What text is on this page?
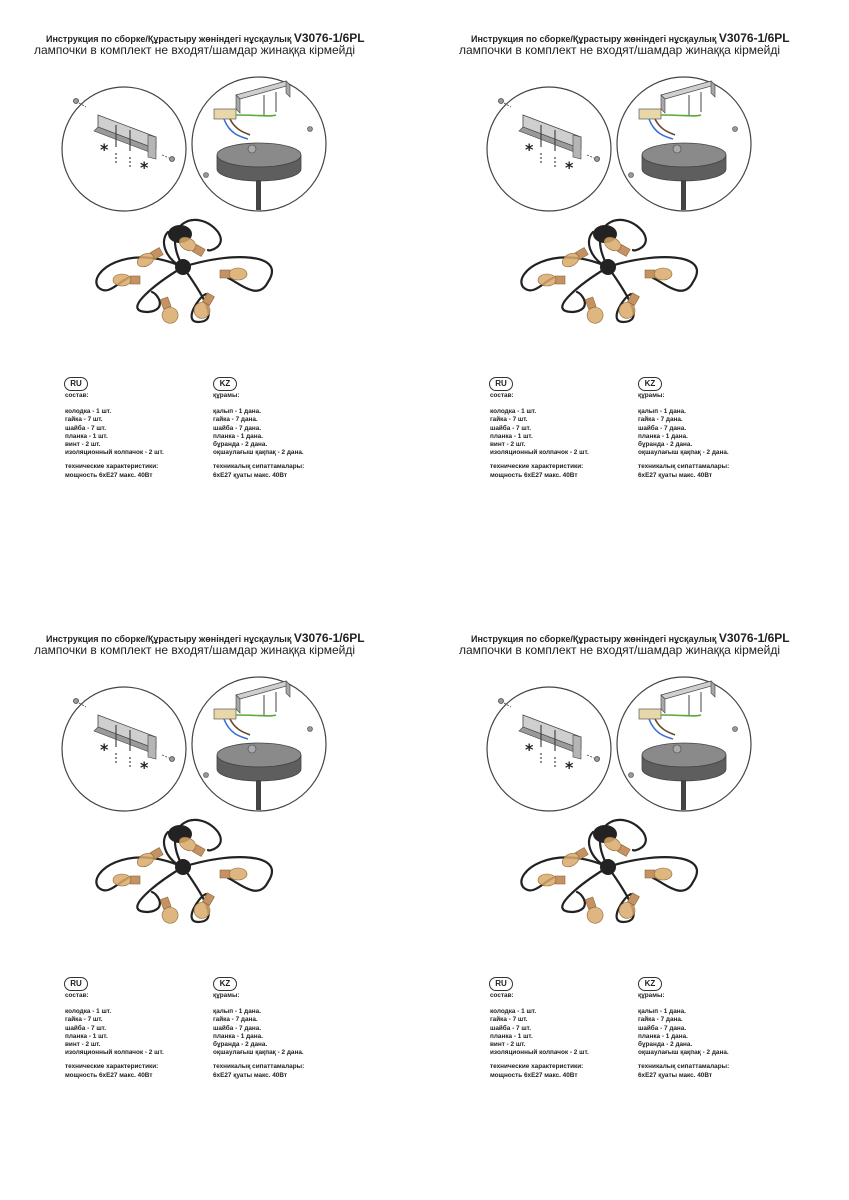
Инструкция по сборке/Құрастыру жөніндегі нұсқаулық V3076-1/6PL
лампочки в комплект не входят/шамдар жинаққа кірмейді
*
*
RU
состав:
колодка - 1 шт.
гайка - 7 шт.
шайба - 7 шт.
планка - 1 шт.
винт - 2 шт.
изоляционный колпачок - 2 шт.
технические характеристики:
мощность 6хЕ27 макс. 40Вт
KZ
құрамы:
қалып - 1 дана.
гайка - 7 дана.
шайба - 7 дана.
планка - 1 дана.
бұранда - 2 дана.
оқшаулағыш қақпақ - 2 дана.
техникалық сипаттамалары:
6хЕ27 қуаты макс. 40Вт
Инструкция по сборке/Құрастыру жөніндегі нұсқаулық V3076-1/6PL
лампочки в комплект не входят/шамдар жинаққа кірмейді
*
*
RU
состав:
колодка - 1 шт.
гайка - 7 шт.
шайба - 7 шт.
планка - 1 шт.
винт - 2 шт.
изоляционный колпачок - 2 шт.
технические характеристики:
мощность 6хЕ27 макс. 40Вт
KZ
құрамы:
қалып - 1 дана.
гайка - 7 дана.
шайба - 7 дана.
планка - 1 дана.
бұранда - 2 дана.
оқшаулағыш қақпақ - 2 дана.
техникалық сипаттамалары:
6хЕ27 қуаты макс. 40Вт
Инструкция по сборке/Құрастыру жөніндегі нұсқаулық V3076-1/6PL
лампочки в комплект не входят/шамдар жинаққа кірмейді
*
*
RU
состав:
колодка - 1 шт.
гайка - 7 шт.
шайба - 7 шт.
планка - 1 шт.
винт - 2 шт.
изоляционный колпачок - 2 шт.
технические характеристики:
мощность 6хЕ27 макс. 40Вт
KZ
құрамы:
қалып - 1 дана.
гайка - 7 дана.
шайба - 7 дана.
планка - 1 дана.
бұранда - 2 дана.
оқшаулағыш қақпақ - 2 дана.
техникалық сипаттамалары:
6хЕ27 қуаты макс. 40Вт
Инструкция по сборке/Құрастыру жөніндегі нұсқаулық V3076-1/6PL
лампочки в комплект не входят/шамдар жинаққа кірмейді
*
*
RU
состав:
колодка - 1 шт.
гайка - 7 шт.
шайба - 7 шт.
планка - 1 шт.
винт - 2 шт.
изоляционный колпачок - 2 шт.
технические характеристики:
мощность 6хЕ27 макс. 40Вт
KZ
құрамы:
қалып - 1 дана.
гайка - 7 дана.
шайба - 7 дана.
планка - 1 дана.
бұранда - 2 дана.
оқшаулағыш қақпақ - 2 дана.
техникалық сипаттамалары:
6хЕ27 қуаты макс. 40Вт
